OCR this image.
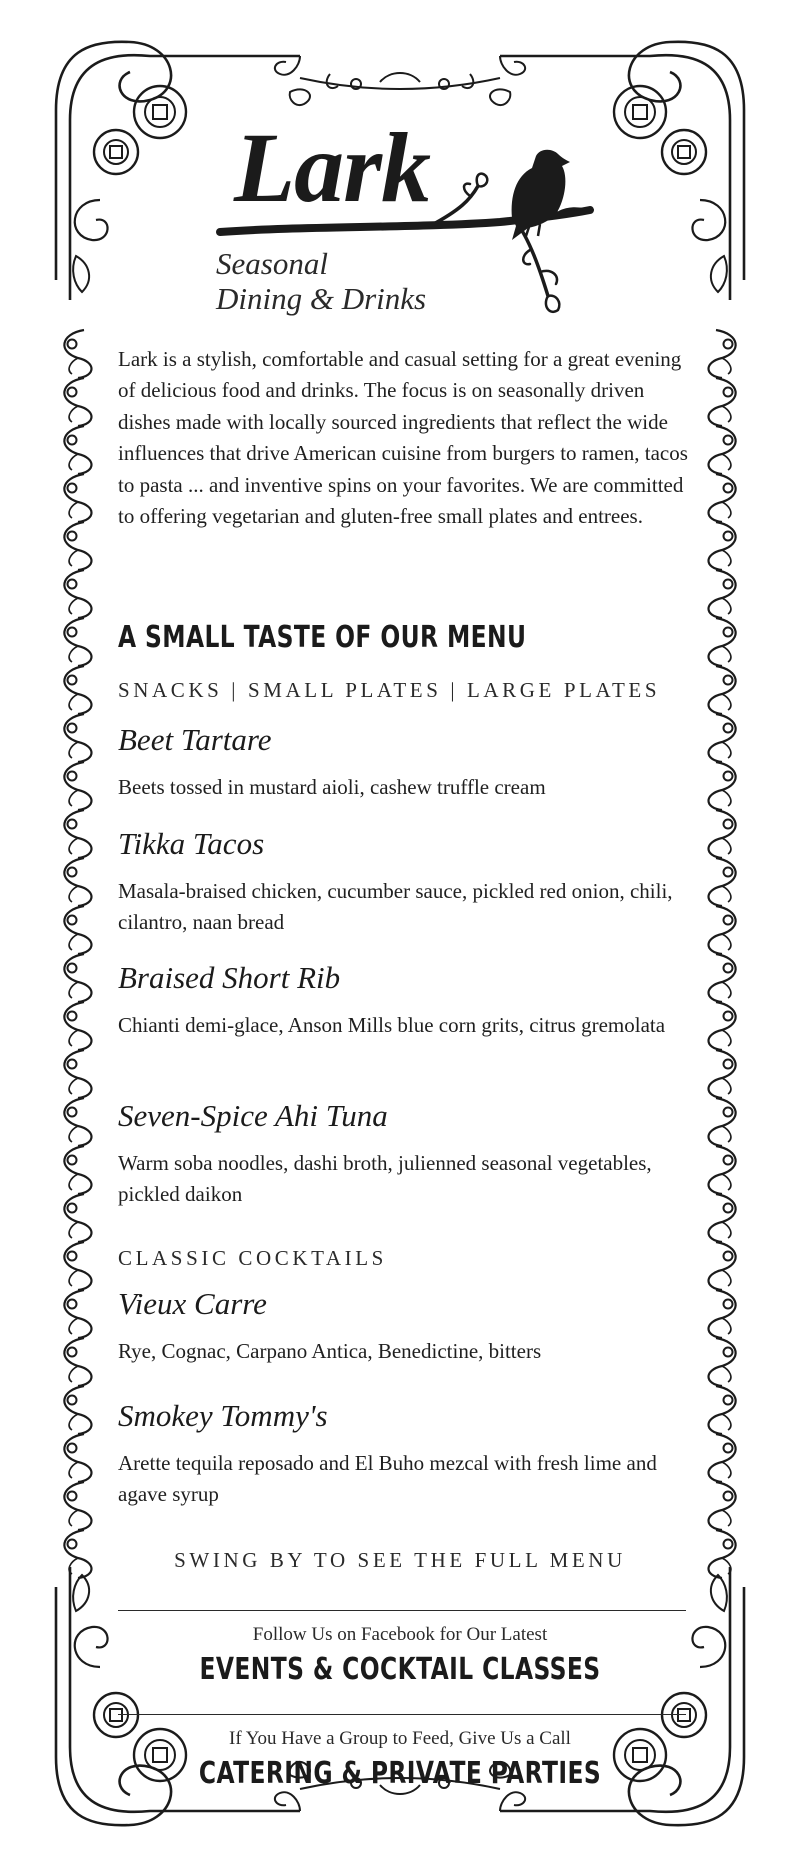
Lark
Seasonal
Dining & Drinks

Lark is a stylish, comfortable and casual setting for a great evening of delicious food and drinks. The focus is on seasonally driven dishes made with locally sourced ingredients that reflect the wide influences that drive American cuisine from burgers to ramen, tacos to pasta ... and inventive spins on your favorites. We are committed to offering vegetarian and gluten-free small plates and entrees.

A SMALL TASTE OF OUR MENU
SNACKS | SMALL PLATES | LARGE PLATES
Beet Tartare
Beets tossed in mustard aioli, cashew truffle cream
Tikka Tacos
Masala-braised chicken, cucumber sauce, pickled red onion, chili, cilantro, naan bread
Braised Short Rib
Chianti demi-glace, Anson Mills blue corn grits, citrus gremolata
Seven-Spice Ahi Tuna
Warm soba noodles, dashi broth, julienned seasonal vegetables, pickled daikon
CLASSIC COCKTAILS
Vieux Carre
Rye, Cognac, Carpano Antica, Benedictine, bitters
Smokey Tommy's
Arette tequila reposado and El Buho mezcal with fresh lime and agave syrup
SWING BY TO SEE THE FULL MENU
Follow Us on Facebook for Our Latest
EVENTS & COCKTAIL CLASSES
If You Have a Group to Feed, Give Us a Call
CATERING & PRIVATE PARTIES
